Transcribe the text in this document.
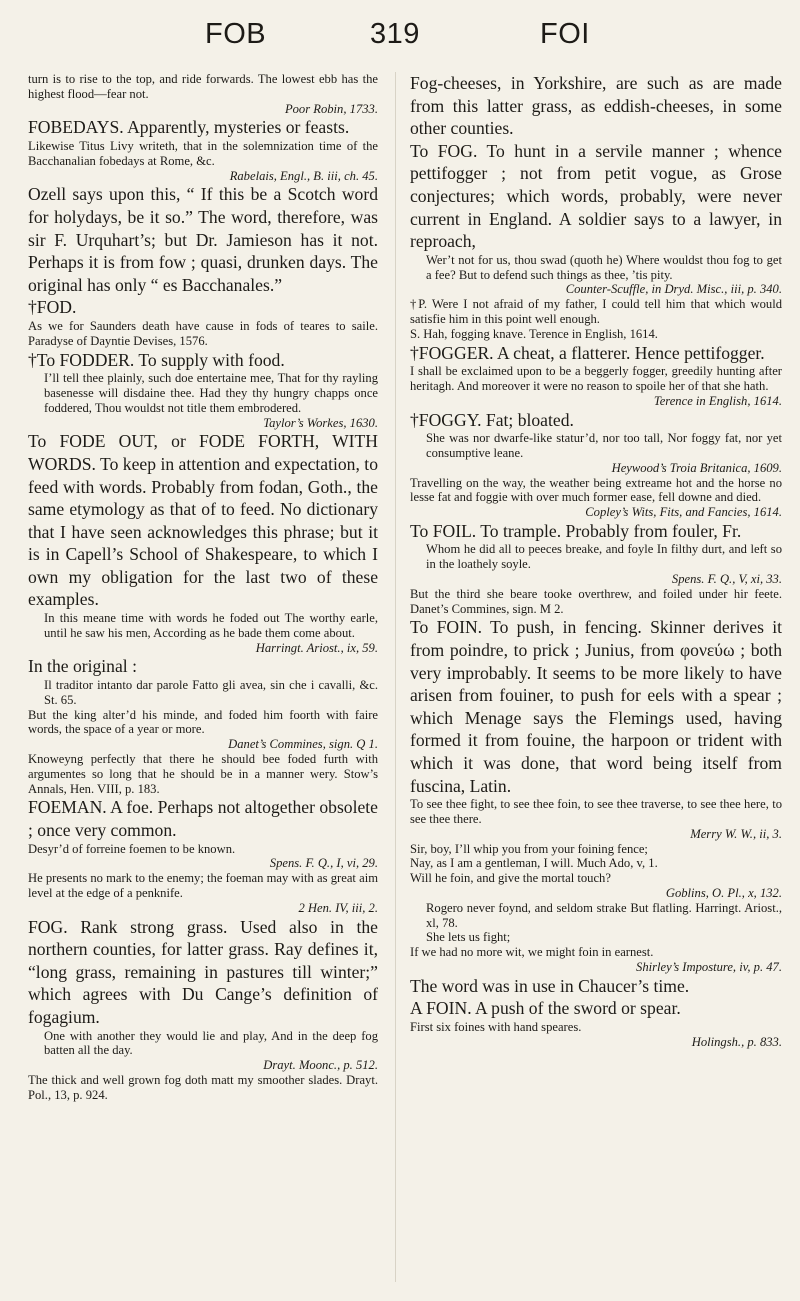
FOB	319	FOI

turn is to rise to the top, and ride forwards. The lowest ebb has the highest flood—fear not.

Poor Robin, 1733.

FOBEDAYS. Apparently, mysteries or feasts.

Likewise Titus Livy writeth, that in the solemnization time of the Bacchanalian fobedays at Rome, &c.

Rabelais, Engl., B. iii, ch. 45.

Ozell says upon this, “ If this be a Scotch word for holydays, be it so.” The word, therefore, was sir F. Urquhart’s; but Dr. Jamieson has it not. Perhaps it is from fow ; quasi, drunken days. The original has only “ es Bacchanales.”

†FOD.

As we for Saunders death have cause in fods of teares to saile. Paradyse of Dayntie Devises, 1576.

†To FODDER. To supply with food.

I’ll tell thee plainly, such doe entertaine mee, That for thy rayling basenesse will disdaine thee. Had they thy hungry chapps once foddered, Thou wouldst not title them embrodered.

Taylor’s Workes, 1630.

To FODE OUT, or FODE FORTH, WITH WORDS. To keep in attention and expectation, to feed with words. Probably from fodan, Goth., the same etymology as that of to feed. No dictionary that I have seen acknowledges this phrase; but it is in Capell’s School of Shakespeare, to which I own my obligation for the last two of these examples.

In this meane time with words he foded out The worthy earle, until he saw his men, According as he bade them come about.

Harringt. Ariost., ix, 59.

In the original :

Il traditor intanto dar parole Fatto gli avea, sin che i cavalli, &c. St. 65.

But the king alter’d his minde, and foded him foorth with faire words, the space of a year or more.

Danet’s Commines, sign. Q 1.

Knoweyng perfectly that there he should bee foded furth with argumentes so long that he should be in a manner wery. Stow’s Annals, Hen. VIII, p. 183.

FOEMAN. A foe. Perhaps not altogether obsolete ; once very common.

Desyr’d of forreine foemen to be known.

Spens. F. Q., I, vi, 29.

He presents no mark to the enemy; the foeman may with as great aim level at the edge of a penknife.

2 Hen. IV, iii, 2.

FOG. Rank strong grass. Used also in the northern counties, for latter grass. Ray defines it, “long grass, remaining in pastures till winter;” which agrees with Du Cange’s definition of fogagium.

One with another they would lie and play, And in the deep fog batten all the day.

Drayt. Moonc., p. 512.

The thick and well grown fog doth matt my smoother slades. Drayt. Pol., 13, p. 924.

Fog-cheeses, in Yorkshire, are such as are made from this latter grass, as eddish-cheeses, in some other counties.

To FOG. To hunt in a servile manner ; whence pettifogger ; not from petit vogue, as Grose conjectures; which words, probably, were never current in England. A soldier says to a lawyer, in reproach,

Wer’t not for us, thou swad (quoth he) Where wouldst thou fog to get a fee? But to defend such things as thee, ’tis pity.

Counter-Scuffle, in Dryd. Misc., iii, p. 340.

†P. Were I not afraid of my father, I could tell him that which would satisfie him in this point well enough.

S. Hah, fogging knave. Terence in English, 1614.

†FOGGER. A cheat, a flatterer. Hence pettifogger.

I shall be exclaimed upon to be a beggerly fogger, greedily hunting after heritagh. And moreover it were no reason to spoile her of that she hath.

Terence in English, 1614.

†FOGGY. Fat; bloated.

She was nor dwarfe-like statur’d, nor too tall, Nor foggy fat, nor yet consumptive leane.

Heywood’s Troia Britanica, 1609.

Travelling on the way, the weather being extreame hot and the horse no lesse fat and foggie with over much former ease, fell downe and died.

Copley’s Wits, Fits, and Fancies, 1614.

To FOIL. To trample. Probably from fouler, Fr.

Whom he did all to peeces breake, and foyle In filthy durt, and left so in the loathely soyle.

Spens. F. Q., V, xi, 33.

But the third she beare tooke overthrew, and foiled under hir feete. Danet’s Commines, sign. M 2.

To FOIN. To push, in fencing. Skinner derives it from poindre, to prick ; Junius, from φονεύω ; both very improbably. It seems to be more likely to have arisen from fouiner, to push for eels with a spear ; which Menage says the Flemings used, having formed it from fouine, the harpoon or trident with which it was done, that word being itself from fuscina, Latin.

To see thee fight, to see thee foin, to see thee traverse, to see thee here, to see thee there.

Merry W. W., ii, 3.

Sir, boy, I’ll whip you from your foining fence;

Nay, as I am a gentleman, I will. Much Ado, v, 1.

Will he foin, and give the mortal touch?

Goblins, O. Pl., x, 132.

Rogero never foynd, and seldom strake But flatling. Harringt. Ariost., xl, 78.

She lets us fight;

If we had no more wit, we might foin in earnest.

Shirley’s Imposture, iv, p. 47.

The word was in use in Chaucer’s time.

A FOIN. A push of the sword or spear.

First six foines with hand speares.

Holingsh., p. 833.
